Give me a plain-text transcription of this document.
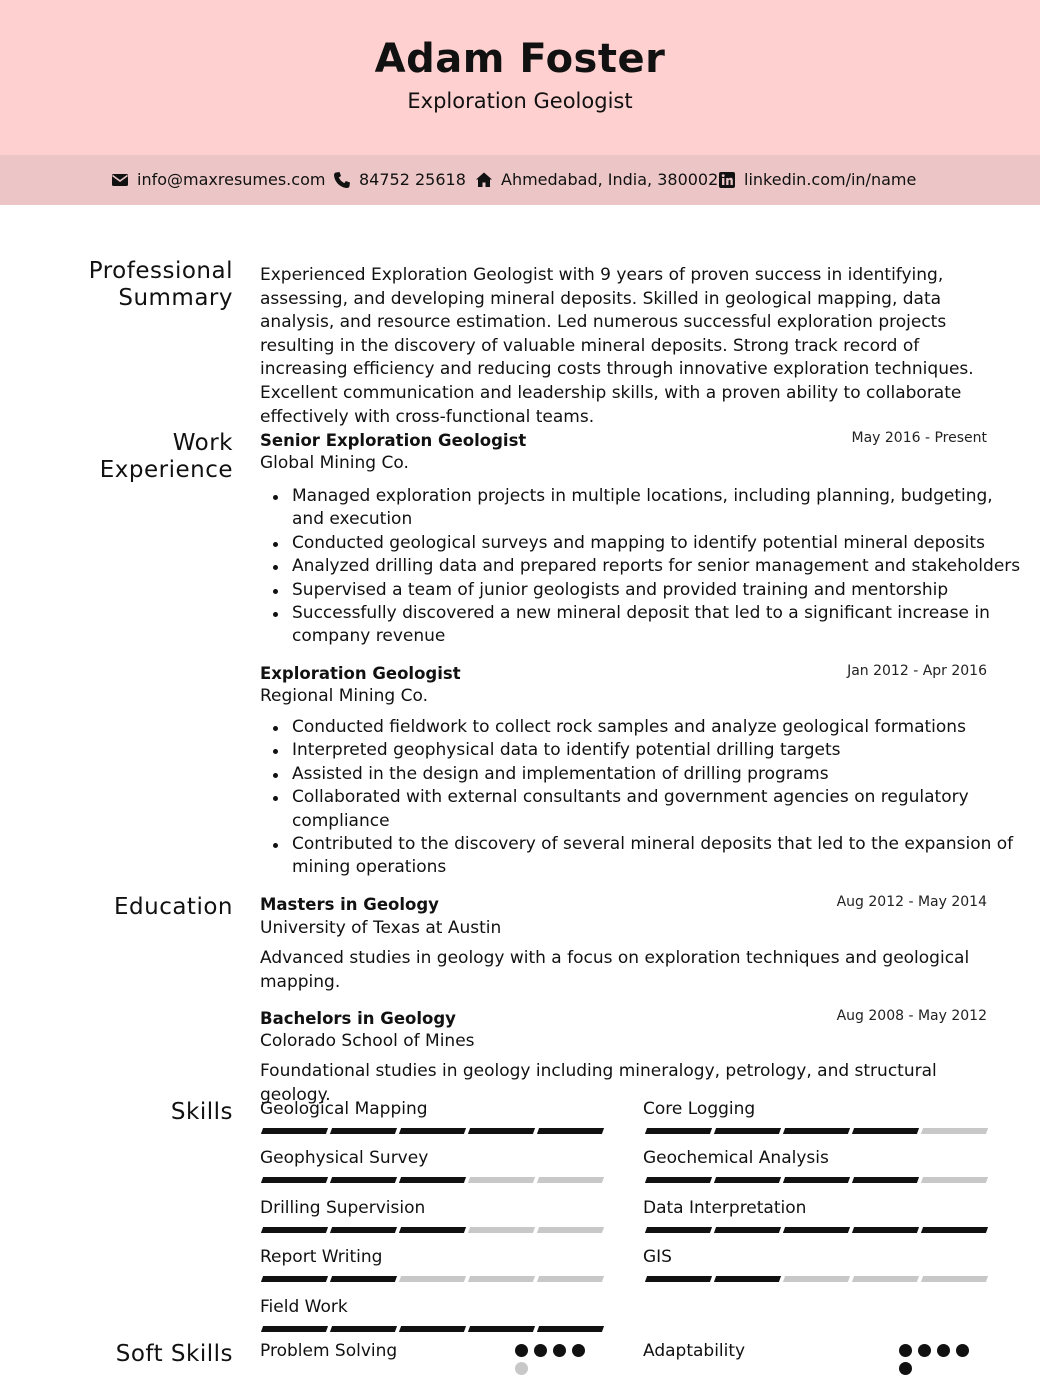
Adam Foster
Exploration Geologist
info@maxresumes.com 84752 25618 Ahmedabad, India, 380002 linkedin.com/in/name
Professional Summary
Experienced Exploration Geologist with 9 years of proven success in identifying, assessing, and developing mineral deposits. Skilled in geological mapping, data analysis, and resource estimation. Led numerous successful exploration projects resulting in the discovery of valuable mineral deposits. Strong track record of increasing efficiency and reducing costs through innovative exploration techniques. Excellent communication and leadership skills, with a proven ability to collaborate effectively with cross-functional teams.
Work Experience
Senior Exploration Geologist	May 2016 - Present
Global Mining Co.
Managed exploration projects in multiple locations, including planning, budgeting, and execution
Conducted geological surveys and mapping to identify potential mineral deposits
Analyzed drilling data and prepared reports for senior management and stakeholders
Supervised a team of junior geologists and provided training and mentorship
Successfully discovered a new mineral deposit that led to a significant increase in company revenue
Exploration Geologist	Jan 2012 - Apr 2016
Regional Mining Co.
Conducted fieldwork to collect rock samples and analyze geological formations
Interpreted geophysical data to identify potential drilling targets
Assisted in the design and implementation of drilling programs
Collaborated with external consultants and government agencies on regulatory compliance
Contributed to the discovery of several mineral deposits that led to the expansion of mining operations
Education Masters in Geology	Aug 2012 - May 2014
University of Texas at Austin
Advanced studies in geology with a focus on exploration techniques and geological mapping.
Bachelors in Geology	Aug 2008 - May 2012
Colorado School of Mines
Foundational studies in geology including mineralogy, petrology, and structural geology.
Skills Geological Mapping	Core Logging
Geophysical Survey	Geochemical Analysis
Drilling Supervision	Data Interpretation
Report Writing	GIS
Field Work
Soft Skills Problem Solving	Adaptability
